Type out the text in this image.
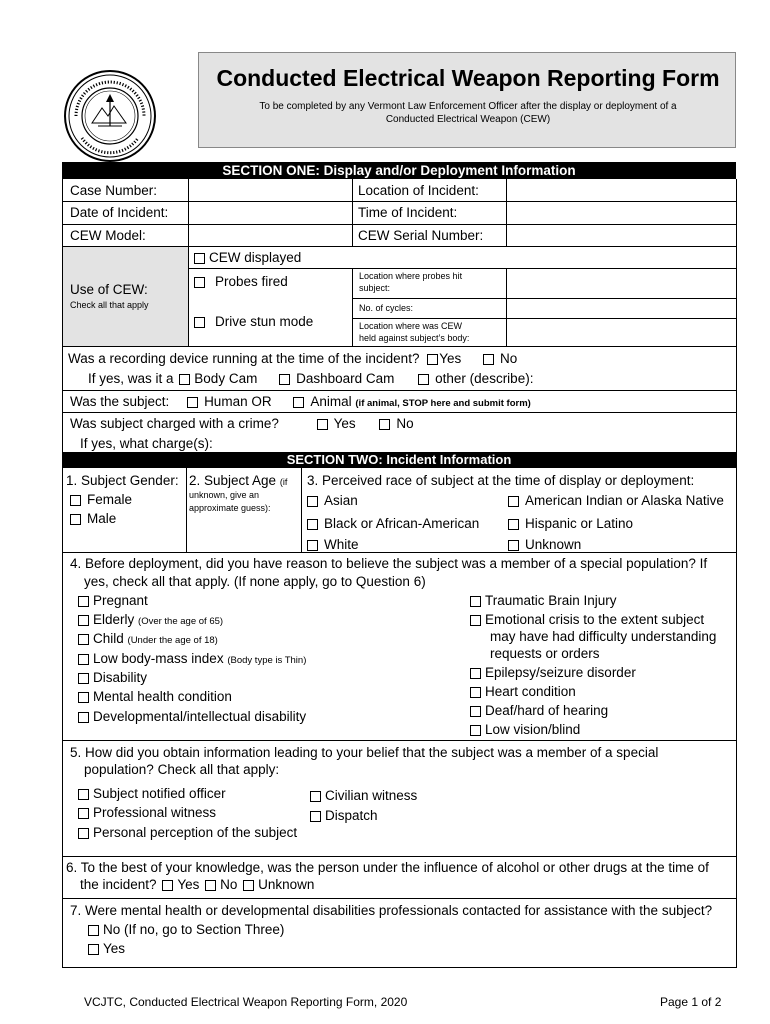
Conducted Electrical Weapon Reporting Form
To be completed by any Vermont Law Enforcement Officer after the display or deployment of a
Conducted Electrical Weapon (CEW)
SECTION ONE: Display and/or Deployment Information
Case Number:	Location of Incident:
Date of Incident:	Time of Incident:
CEW Model:	CEW Serial Number:
Use of CEW:
Check all that apply
CEW displayed
Probes fired
Drive stun mode
Location where probes hit
subject:
No. of cycles:
Location where was CEW
held against subject’s body:
Was a recording device running at the time of the incident? Yes	No
If yes, was it a Body Cam	Dashboard Cam	other (describe):
Was the subject:	Human OR	Animal (if animal, STOP here and submit form)
Was subject charged with a crime?	Yes	No
If yes, what charge(s):
SECTION TWO: Incident Information
1. Subject Gender:
Female
Male
2. Subject Age (if
unknown, give an
approximate guess):
3. Perceived race of subject at the time of display or deployment:
Asian	American Indian or Alaska Native
Black or African-American	Hispanic or Latino
White	Unknown
4. Before deployment, did you have reason to believe the subject was a member of a special population? If
yes, check all that apply. (If none apply, go to Question 6)
Pregnant
Elderly (Over the age of 65)
Child (Under the age of 18)
Low body-mass index (Body type is Thin)
Disability
Mental health condition
Developmental/intellectual disability
Traumatic Brain Injury
Emotional crisis to the extent subject
may have had difficulty understanding
requests or orders
Epilepsy/seizure disorder
Heart condition
Deaf/hard of hearing
Low vision/blind
5. How did you obtain information leading to your belief that the subject was a member of a special
population? Check all that apply:
Subject notified officer
Professional witness
Personal perception of the subject
Civilian witness
Dispatch
6. To the best of your knowledge, was the person under the influence of alcohol or other drugs at the time of
the incident? Yes No Unknown
7. Were mental health or developmental disabilities professionals contacted for assistance with the subject?
No (If no, go to Section Three)
Yes
VCJTC, Conducted Electrical Weapon Reporting Form, 2020	Page 1 of 2
